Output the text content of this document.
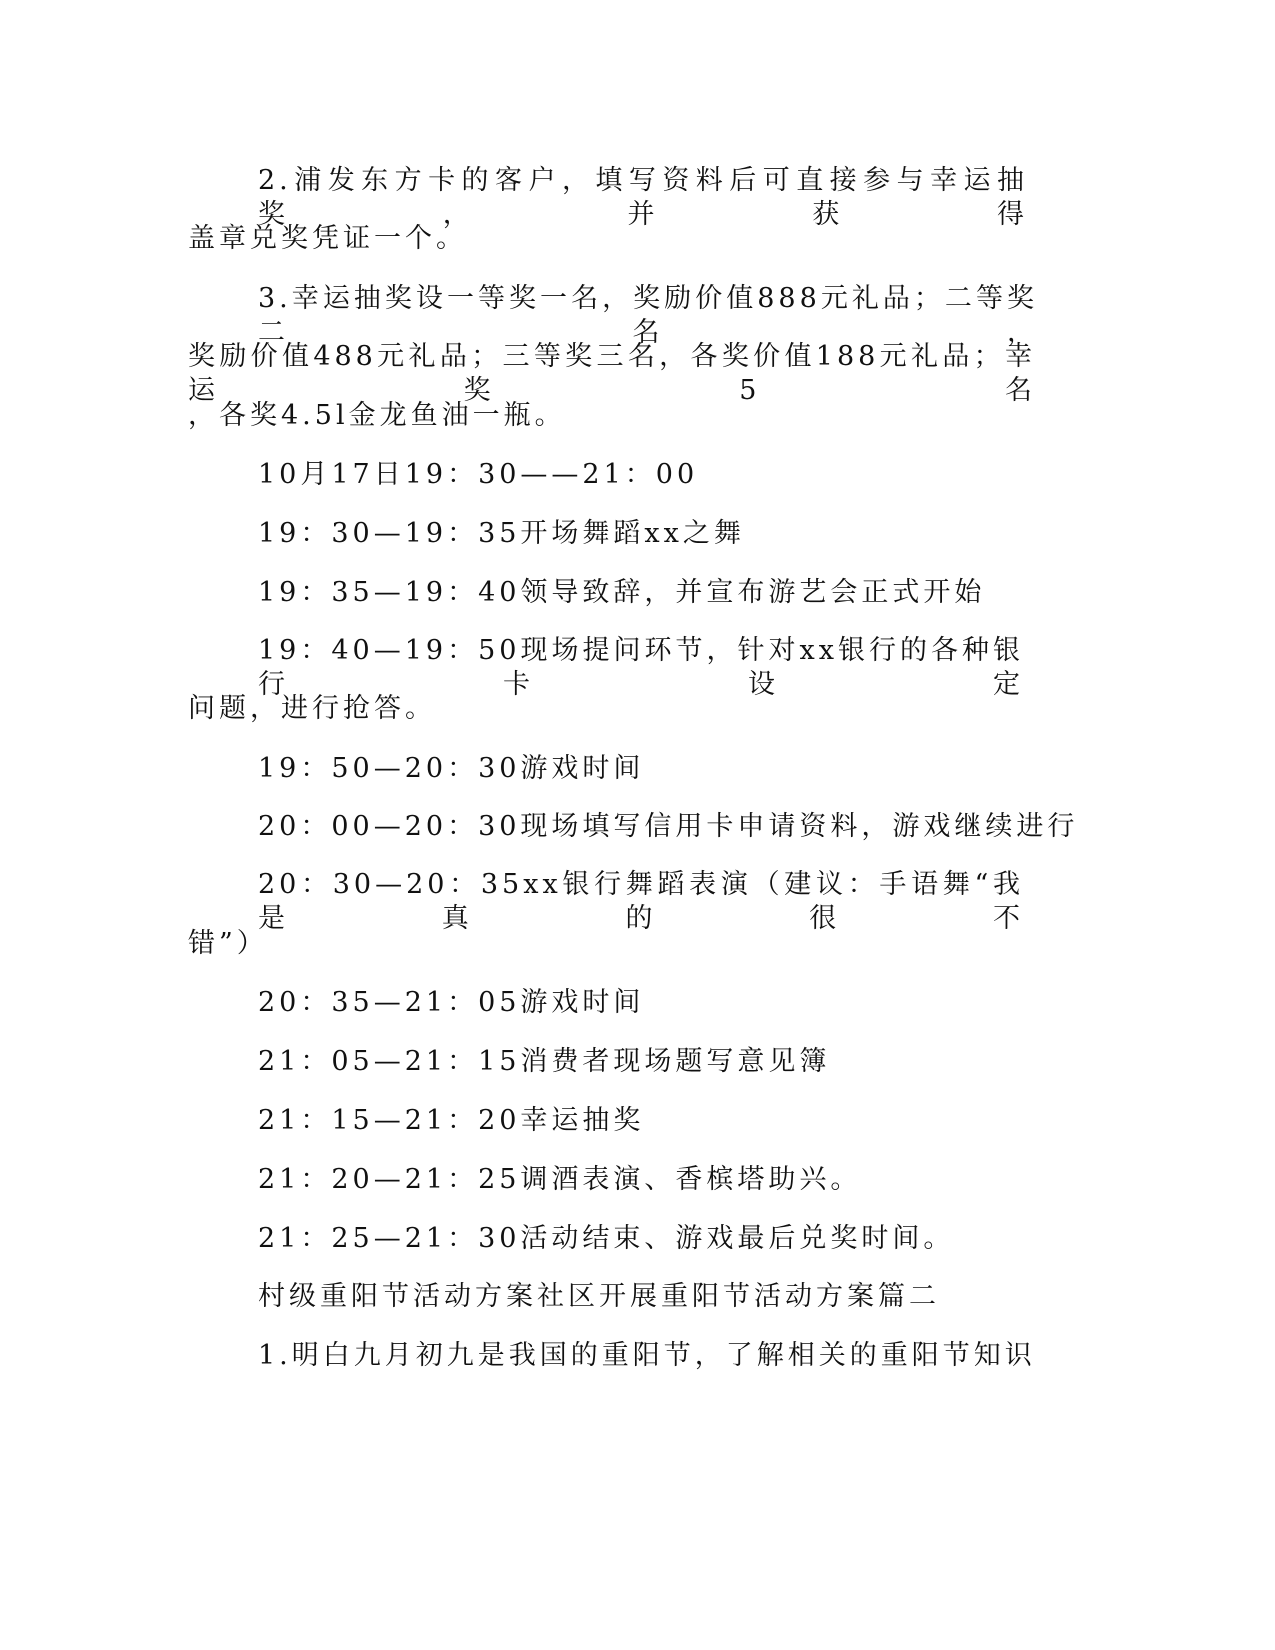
2.浦发东方卡的客户，填写资料后可直接参与幸运抽奖，并获得
盖章兑奖凭证一个。
3.幸运抽奖设一等奖一名，奖励价值888元礼品；二等奖二名，
奖励价值488元礼品；三等奖三名，各奖价值188元礼品；幸运奖5名
，各奖4.5l金龙鱼油一瓶。
10月17日19：30——21：00
19：30—19：35开场舞蹈xx之舞
19：35—19：40领导致辞，并宣布游艺会正式开始
19：40—19：50现场提问环节，针对xx银行的各种银行卡设定
问题，进行抢答。
19：50—20：30游戏时间
20：00—20：30现场填写信用卡申请资料，游戏继续进行
20：30—20：35xx银行舞蹈表演（建议：手语舞“我是真的很不
错”）
20：35—21：05游戏时间
21：05—21：15消费者现场题写意见簿
21：15—21：20幸运抽奖
21：20—21：25调酒表演、香槟塔助兴。
21：25—21：30活动结束、游戏最后兑奖时间。
村级重阳节活动方案社区开展重阳节活动方案篇二
1.明白九月初九是我国的重阳节，了解相关的重阳节知识
